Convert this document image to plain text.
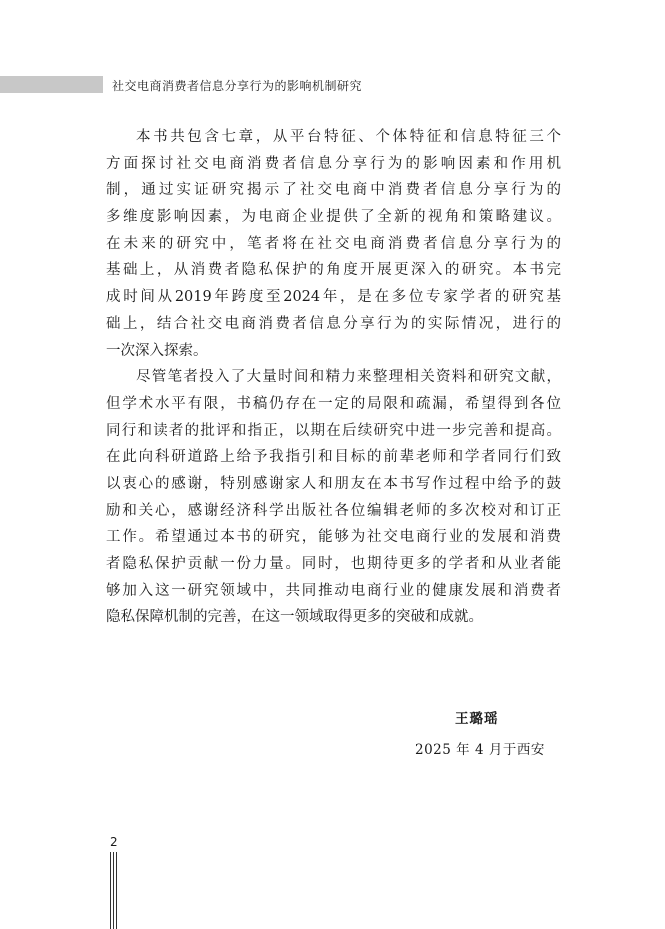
社交电商消费者信息分享行为的影响机制研究
本书共包含七章，从平台特征、个体特征和信息特征三个
方面探讨社交电商消费者信息分享行为的影响因素和作用机
制，通过实证研究揭示了社交电商中消费者信息分享行为的
多维度影响因素，为电商企业提供了全新的视角和策略建议。
在未来的研究中，笔者将在社交电商消费者信息分享行为的
基础上，从消费者隐私保护的角度开展更深入的研究。本书完
成时间从2019年跨度至2024年，是在多位专家学者的研究基
础上，结合社交电商消费者信息分享行为的实际情况，进行的
一次深入探索。
尽管笔者投入了大量时间和精力来整理相关资料和研究文献，
但学术水平有限，书稿仍存在一定的局限和疏漏，希望得到各位
同行和读者的批评和指正，以期在后续研究中进一步完善和提高。
在此向科研道路上给予我指引和目标的前辈老师和学者同行们致
以衷心的感谢，特别感谢家人和朋友在本书写作过程中给予的鼓
励和关心，感谢经济科学出版社各位编辑老师的多次校对和订正
工作。希望通过本书的研究，能够为社交电商行业的发展和消费
者隐私保护贡献一份力量。同时，也期待更多的学者和从业者能
够加入这一研究领域中，共同推动电商行业的健康发展和消费者
隐私保障机制的完善，在这一领域取得更多的突破和成就。
王璐瑶
2025 年 4 月于西安
2
